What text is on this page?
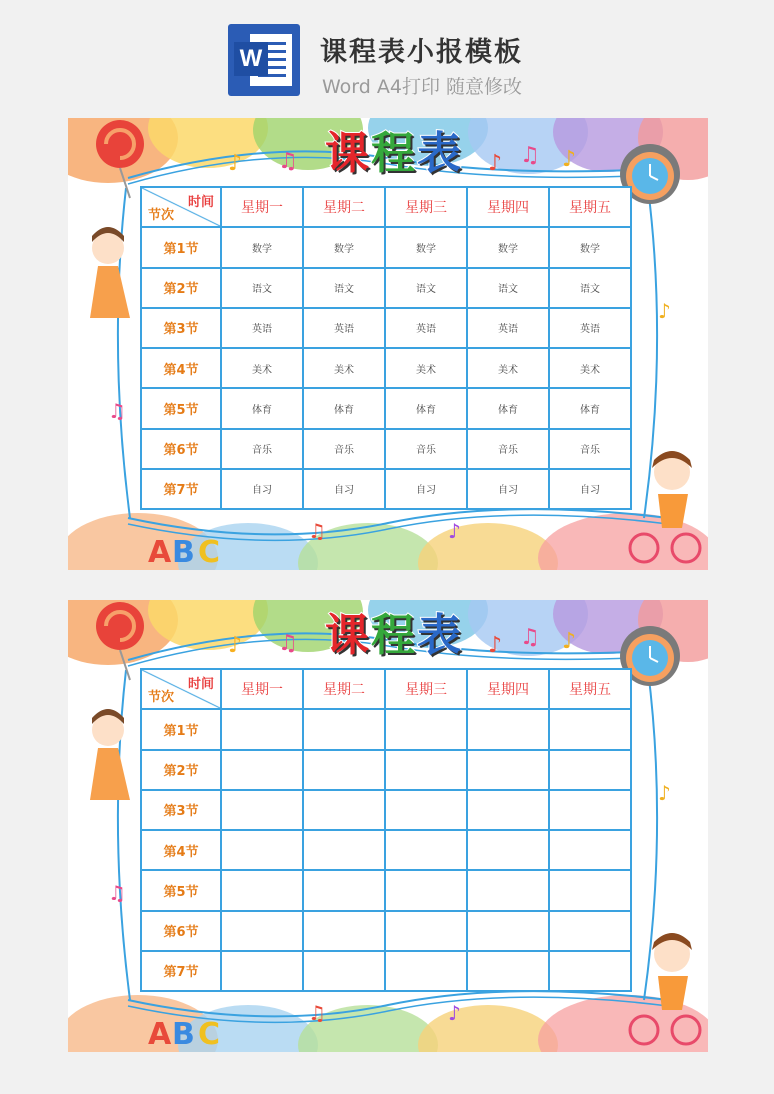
W 课程表小报模板
Word A4打印 随意修改
A B C
♪ ♫	♪ ♫ ♪
♫
♪
♫	♪
课程表
时间
节次	星期一	星期二	星期三	星期四	星期五
第1节	数学	数学	数学	数学	数学
第2节	语文	语文	语文	语文	语文
第3节	英语	英语	英语	英语	英语
第4节	美术	美术	美术	美术	美术
第5节	体育	体育	体育	体育	体育
第6节	音乐	音乐	音乐	音乐	音乐
第7节	自习	自习	自习	自习	自习
A B C
♪ ♫	♪ ♫ ♪
♫
♪
♫	♪
课程表
时间
节次	星期一	星期二	星期三	星期四	星期五
第1节					
第2节					
第3节					
第4节					
第5节					
第6节					
第7节					
